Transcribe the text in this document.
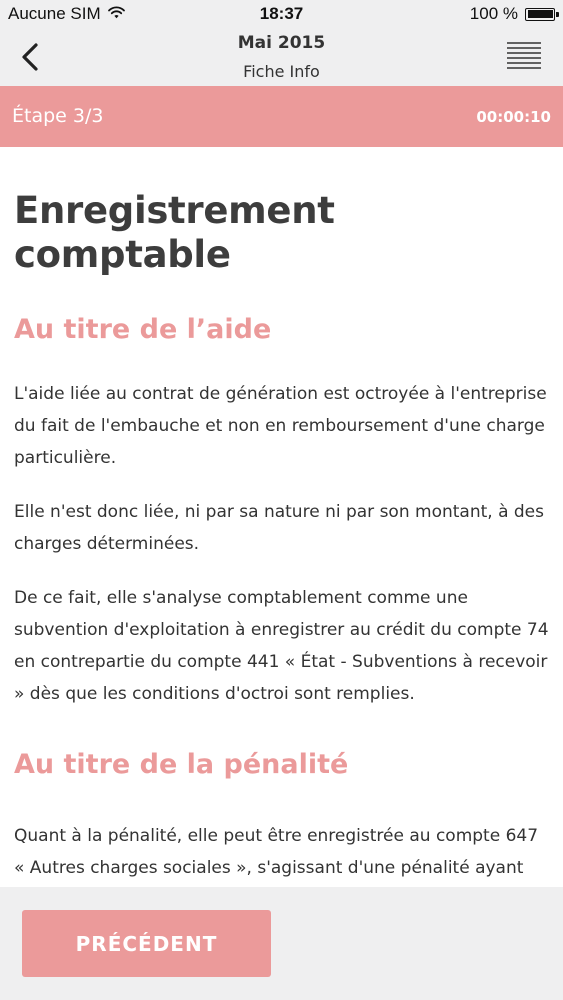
Aucune SIM	18:37	100 %
Mai 2015
Fiche Info
Étape 3/3	00:00:10
Enregistrement comptable
Au titre de l’aide

L'aide liée au contrat de génération est octroyée à l'entreprise du fait de l'embauche et non en remboursement d'une charge particulière.

Elle n'est donc liée, ni par sa nature ni par son montant, à des charges déterminées.

De ce fait, elle s'analyse comptablement comme une subvention d'exploitation à enregistrer au crédit du compte 74 en contrepartie du compte 441 « État - Subventions à recevoir » dès que les conditions d'octroi sont remplies.

Au titre de la pénalité

Quant à la pénalité, elle peut être enregistrée au compte 647 « Autres charges sociales », s'agissant d'une pénalité ayant

PRÉCÉDENT
